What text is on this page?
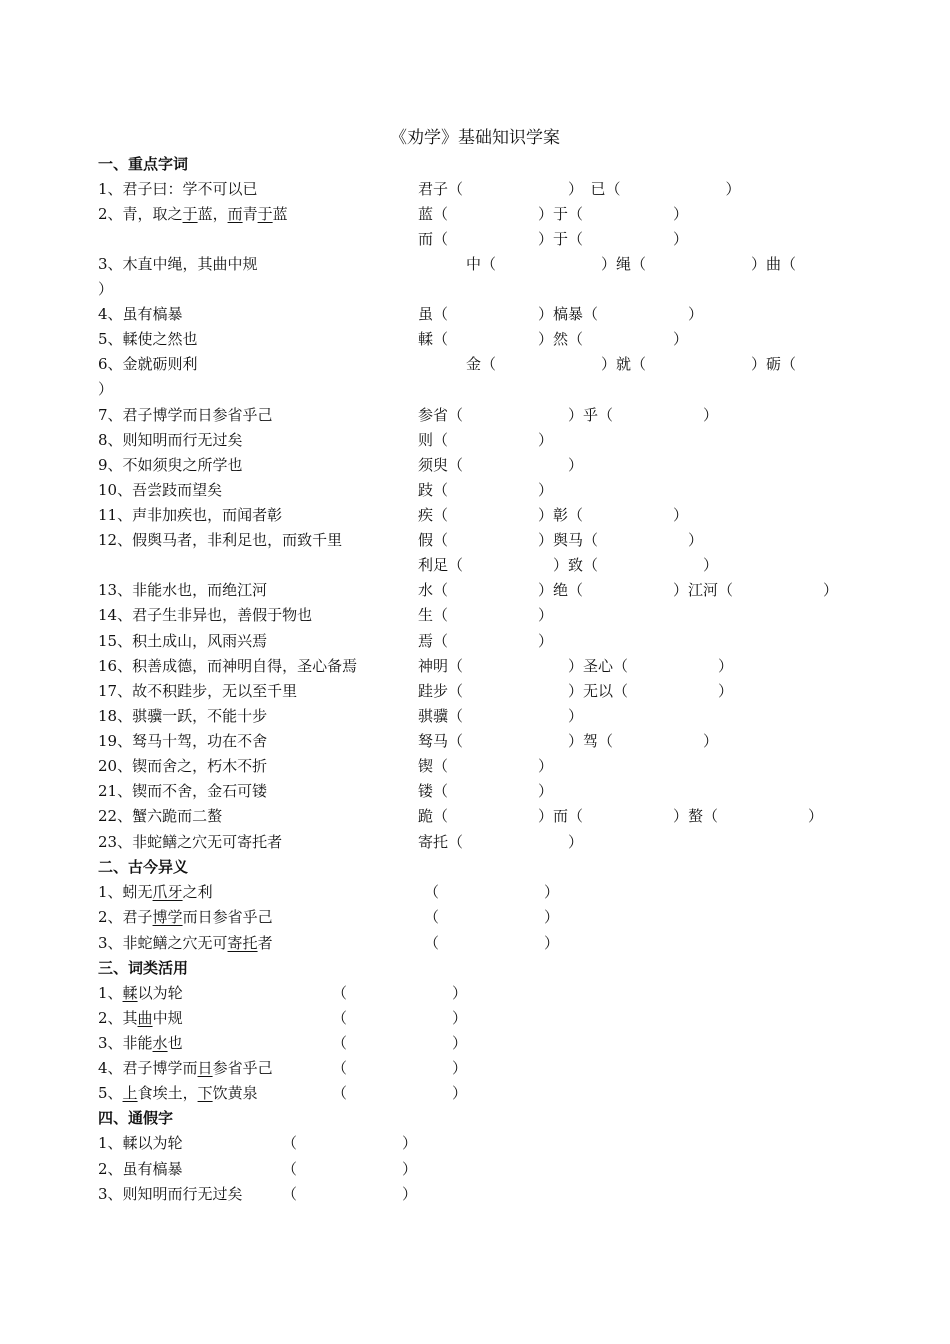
《劝学》基础知识学案
一、重点字词
1、君子曰：学不可以已	君子（　　　　　　　）　已（　　　　　　　）
2、青，取之于蓝，而青于蓝	蓝（　　　　　　）于（　　　　　　）
而（　　　　　　）于（　　　　　　）
3、木直中绳，其曲中规	中（　　　　　　　）绳（　　　　　　　）曲（
）
4、虽有槁暴	虽（　　　　　　）槁暴（　　　　　　）
5、輮使之然也	輮（　　　　　　）然（　　　　　　）
6、金就砺则利	金（　　　　　　　）就（　　　　　　　）砺（
）
7、君子博学而日参省乎己	参省（　　　　　　　）乎（　　　　　　）
8、则知明而行无过矣	则（　　　　　　）
9、不如须臾之所学也	须臾（　　　　　　　）
10、吾尝跂而望矣	跂（　　　　　　）
11、声非加疾也，而闻者彰	疾（　　　　　　）彰（　　　　　　）
12、假舆马者，非利足也，而致千里	假（　　　　　　）舆马（　　　　　　）
利足（　　　　　　）致（　　　　　　　）
13、非能水也，而绝江河	水（　　　　　　）绝（　　　　　　）江河（　　　　　　）
14、君子生非异也，善假于物也	生（　　　　　　）
15、积土成山，风雨兴焉	焉（　　　　　　）
16、积善成德，而神明自得，圣心备焉	神明（　　　　　　　）圣心（　　　　　　）
17、故不积跬步，无以至千里	跬步（　　　　　　　）无以（　　　　　　）
18、骐骥一跃，不能十步	骐骥（　　　　　　　）
19、驽马十驾，功在不舍	驽马（　　　　　　　）驾（　　　　　　）
20、锲而舍之，朽木不折	锲（　　　　　　）
21、锲而不舍，金石可镂	镂（　　　　　　）
22、蟹六跪而二螯	跪（　　　　　　）而（　　　　　　）螯（　　　　　　）
23、非蛇鳝之穴无可寄托者	寄托（　　　　　　　）
二、古今异义
1、蚓无爪牙之利	（　　　　　　　）
2、君子博学而日参省乎己	（　　　　　　　）
3、非蛇鳝之穴无可寄托者	（　　　　　　　）
三、词类活用
1、輮以为轮	（　　　　　　　）
2、其曲中规	（　　　　　　　）
3、非能水也	（　　　　　　　）
4、君子博学而日参省乎己	（　　　　　　　）
5、上食埃土，下饮黄泉	（　　　　　　　）
四、通假字
1、輮以为轮	（　　　　　　　）
2、虽有槁暴	（　　　　　　　）
3、则知明而行无过矣	（　　　　　　　）
